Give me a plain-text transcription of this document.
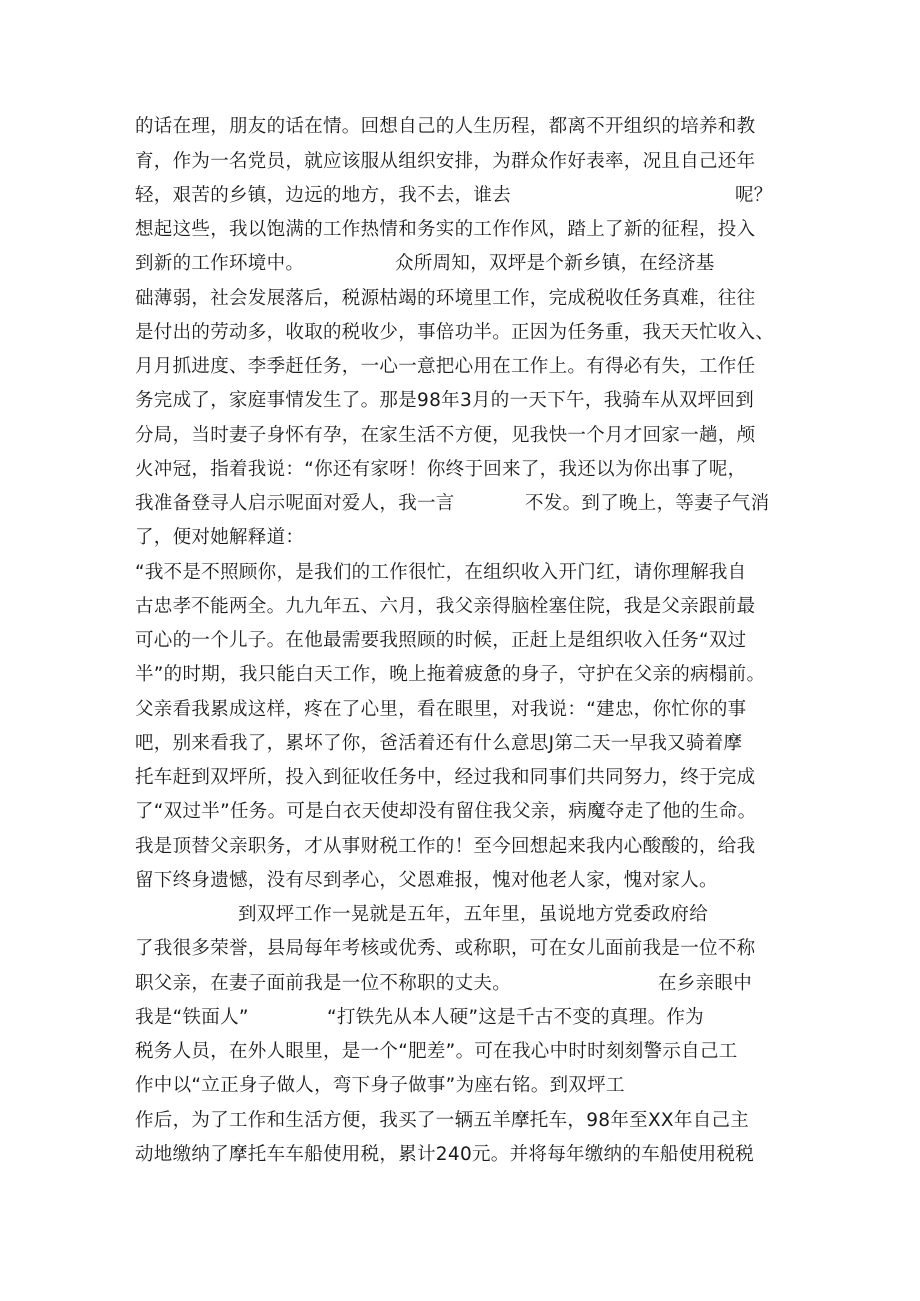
的话在理，朋友的话在情。回想自己的人生历程，都离不开组织的培养和教
育，作为一名党员，就应该服从组织安排，为群众作好表率，况且自己还年
轻，艰苦的乡镇，边远的地方，我不去，谁去	呢？
想起这些，我以饱满的工作热情和务实的工作作风，踏上了新的征程，投入
到新的工作环境中。	众所周知，双坪是个新乡镇，在经济基
础薄弱，社会发展落后，税源枯竭的环境里工作，完成税收任务真难，往往
是付出的劳动多，收取的税收少，事倍功半。正因为任务重，我天天忙收入、
月月抓进度、李季赶任务，一心一意把心用在工作上。有得必有失，工作任
务完成了，家庭事情发生了。那是98年3月的一天下午，我骑车从双坪回到
分局，当时妻子身怀有孕，在家生活不方便，见我快一个月才回家一趟，颅
火冲冠，指着我说：“你还有家呀！你终于回来了，我还以为你出事了呢，
我准备登寻人启示呢面对爱人，我一言	不发。到了晚上，等妻子气消
了，便对她解释道：
“我不是不照顾你，是我们的工作很忙，在组织收入开门红，请你理解我自
古忠孝不能两全。九九年五、六月，我父亲得脑栓塞住院，我是父亲跟前最
可心的一个儿子。在他最需要我照顾的时候，正赶上是组织收入任务“双过
半”的时期，我只能白天工作，晚上拖着疲惫的身子，守护在父亲的病榻前。
父亲看我累成这样，疼在了心里，看在眼里，对我说：“建忠，你忙你的事
吧，别来看我了，累坏了你，爸活着还有什么意思J第二天一早我又骑着摩
托车赶到双坪所，投入到征收任务中，经过我和同事们共同努力，终于完成
了“双过半”任务。可是白衣天使却没有留住我父亲，病魔夺走了他的生命。
我是顶替父亲职务，才从事财税工作的！至今回想起来我内心酸酸的，给我
留下终身遗憾，没有尽到孝心，父恩难报，愧对他老人家，愧对家人。
到双坪工作一晃就是五年，五年里，虽说地方党委政府给
了我很多荣誉，县局每年考核或优秀、或称职，可在女儿面前我是一位不称
职父亲，在妻子面前我是一位不称职的丈夫。	在乡亲眼中
我是“铁面人”	“打铁先从本人硬”这是千古不变的真理。作为
税务人员，在外人眼里，是一个“肥差”。可在我心中时时刻刻警示自己工
作中以“立正身子做人，弯下身子做事”为座右铭。到双坪工
作后，为了工作和生活方便，我买了一辆五羊摩托车，98年至XX年自己主
动地缴纳了摩托车车船使用税，累计240元。并将每年缴纳的车船使用税税
